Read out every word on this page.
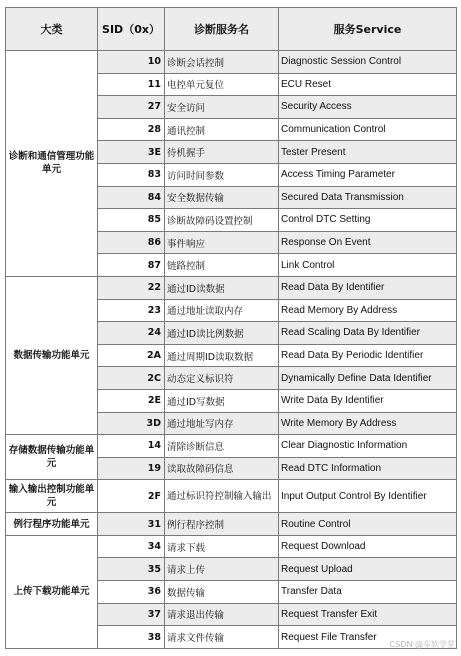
大类	SID（0x）	诊断服务名	服务Service
诊断和通信管理功能单元	10	诊断会话控制	Diagnostic Session Control
	11	电控单元复位	ECU Reset
	27	安全访问	Security Access
	28	通讯控制	Communication Control
	3E	待机握手	Tester Present
	83	访问时间参数	Access Timing Parameter
	84	安全数据传输	Secured Data Transmission
	85	诊断故障码设置控制	Control DTC Setting
	86	事件响应	Response On Event
	87	链路控制	Link Control
数据传输功能单元	22	通过ID读数据	Read Data By Identifier
	23	通过地址读取内存	Read Memory By Address
	24	通过ID读比例数据	Read Scaling Data By Identifier
	2A	通过周期ID读取数据	Read Data By Periodic Identifier
	2C	动态定义标识符	Dynamically Define Data Identifier
	2E	通过ID写数据	Write Data By Identifier
	3D	通过地址写内存	Write Memory By Address
存储数据传输功能单元	14	清除诊断信息	Clear Diagnostic Information
	19	读取故障码信息	Read DTC Information
输入输出控制功能单元	2F	通过标识符控制输入输出	Input Output Control By Identifier
例行程序功能单元	31	例行程序控制	Routine Control
上传下载功能单元	34	请求下载	Request Download
	35	请求上传	Request Upload
	36	数据传输	Transfer Data
	37	请求退出传输	Request Transfer Exit
	38	请求文件传输	Request File Transfer
CSDN @车软学堂
